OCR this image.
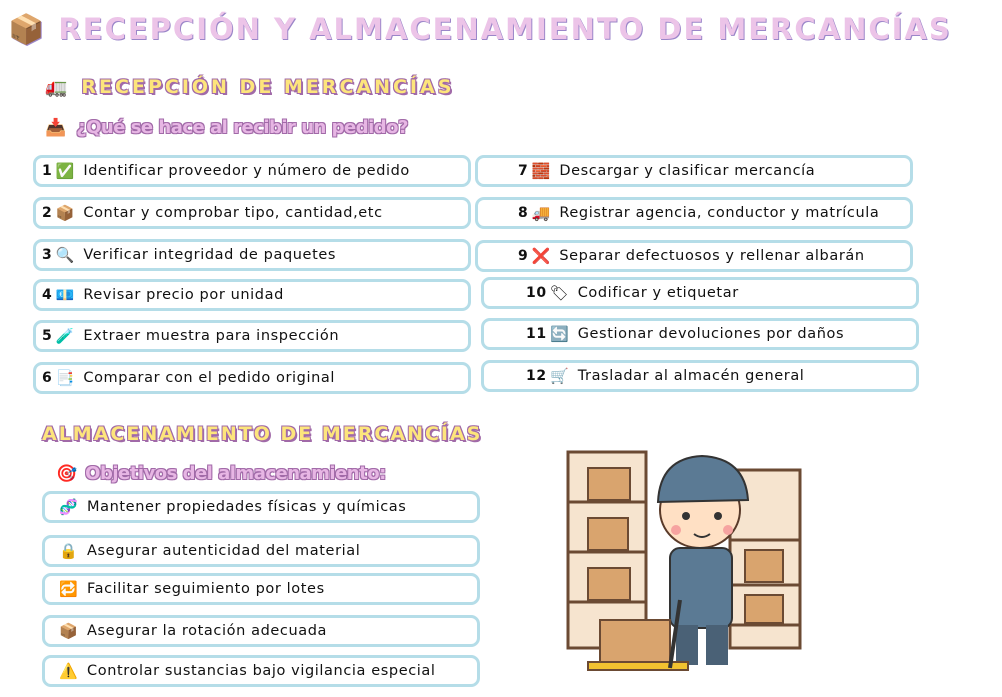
📦 RECEPCIÓN Y ALMACENAMIENTO DE MERCANCÍAS
🚛 RECEPCIÓN DE MERCANCÍAS
📥 ¿Qué se hace al recibir un pedido?
1 ✅ Identificar proveedor y número de pedido
2 📦 Contar y comprobar tipo, cantidad,etc
3 🔍 Verificar integridad de paquetes
4 💶 Revisar precio por unidad
5 🧪 Extraer muestra para inspección
6 📑 Comparar con el pedido original
7 🧱 Descargar y clasificar mercancía
8 🚚 Registrar agencia, conductor y matrícula
9 ❌ Separar defectuosos y rellenar albarán
10 🏷 Codificar y etiquetar
11 🔄 Gestionar devoluciones por daños
12 🛒 Trasladar al almacén general
ALMACENAMIENTO DE MERCANCÍAS
🎯 Objetivos del almacenamiento:
🧬 Mantener propiedades físicas y químicas
🔒 Asegurar autenticidad del material
🔁 Facilitar seguimiento por lotes
📦 Asegurar la rotación adecuada
⚠️ Controlar sustancias bajo vigilancia especial
